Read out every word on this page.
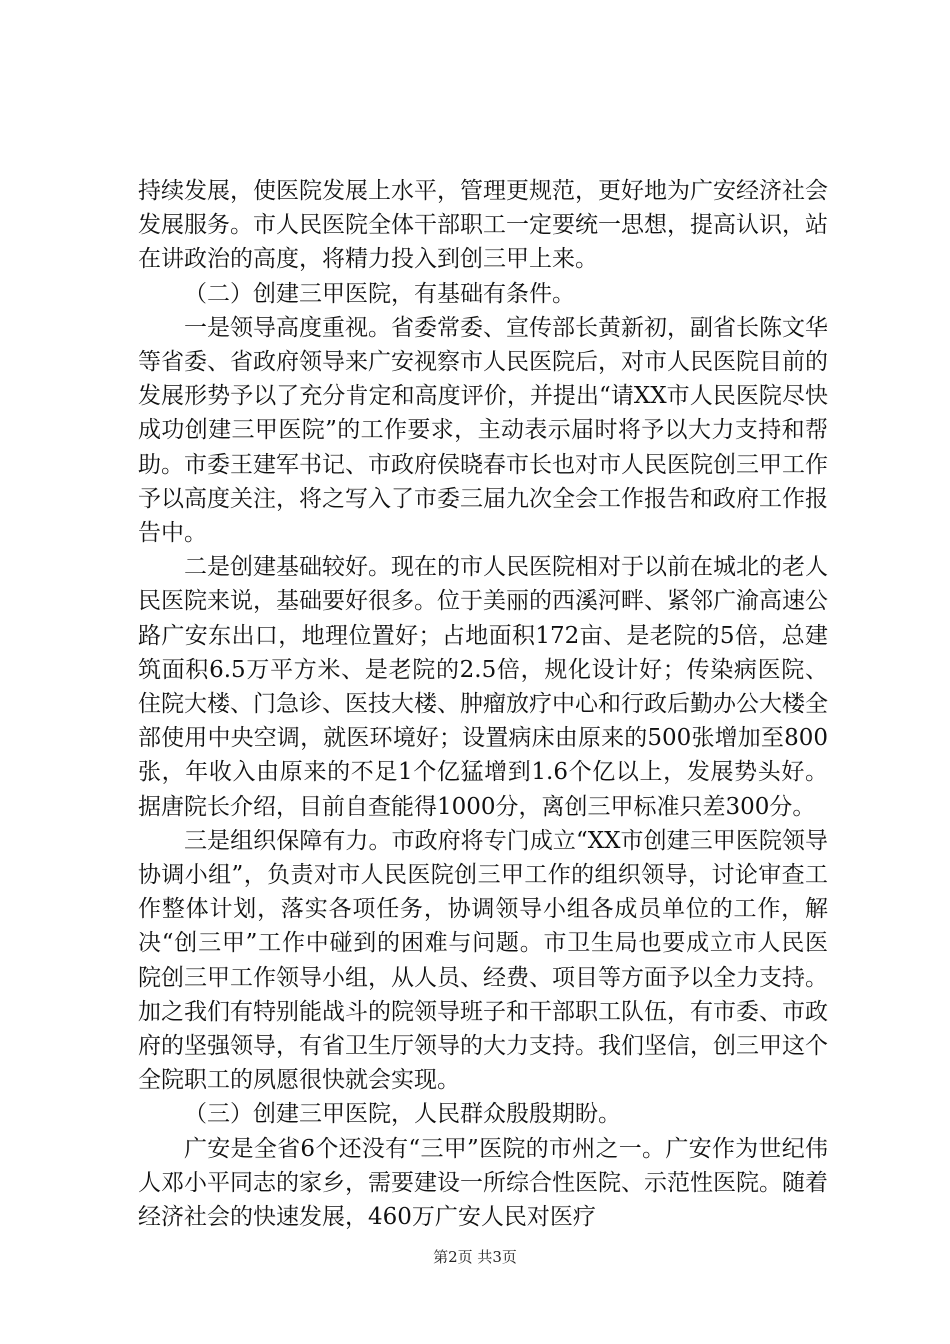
持续发展，使医院发展上水平，管理更规范，更好地为广安经济社会发展服务。市人民医院全体干部职工一定要统一思想，提高认识，站在讲政治的高度，将精力投入到创三甲上来。

（二）创建三甲医院，有基础有条件。

一是领导高度重视。省委常委、宣传部长黄新初，副省长陈文华等省委、省政府领导来广安视察市人民医院后，对市人民医院目前的发展形势予以了充分肯定和高度评价，并提出“请XX市人民医院尽快成功创建三甲医院”的工作要求，主动表示届时将予以大力支持和帮助。市委王建军书记、市政府侯晓春市长也对市人民医院创三甲工作予以高度关注，将之写入了市委三届九次全会工作报告和政府工作报告中。

二是创建基础较好。现在的市人民医院相对于以前在城北的老人民医院来说，基础要好很多。位于美丽的西溪河畔、紧邻广渝高速公路广安东出口，地理位置好；占地面积172亩、是老院的5倍，总建筑面积6.5万平方米、是老院的2.5倍，规化设计好；传染病医院、住院大楼、门急诊、医技大楼、肿瘤放疗中心和行政后勤办公大楼全部使用中央空调，就医环境好；设置病床由原来的500张增加至800张，年收入由原来的不足1个亿猛增到1.6个亿以上，发展势头好。据唐院长介绍，目前自查能得1000分，离创三甲标准只差300分。

三是组织保障有力。市政府将专门成立“XX市创建三甲医院领导协调小组”，负责对市人民医院创三甲工作的组织领导，讨论审查工作整体计划，落实各项任务，协调领导小组各成员单位的工作，解决“创三甲”工作中碰到的困难与问题。市卫生局也要成立市人民医院创三甲工作领导小组，从人员、经费、项目等方面予以全力支持。加之我们有特别能战斗的院领导班子和干部职工队伍，有市委、市政府的坚强领导，有省卫生厅领导的大力支持。我们坚信，创三甲这个全院职工的夙愿很快就会实现。

（三）创建三甲医院，人民群众殷殷期盼。

广安是全省6个还没有“三甲”医院的市州之一。广安作为世纪伟人邓小平同志的家乡，需要建设一所综合性医院、示范性医院。随着经济社会的快速发展，460万广安人民对医疗

第2页 共3页
